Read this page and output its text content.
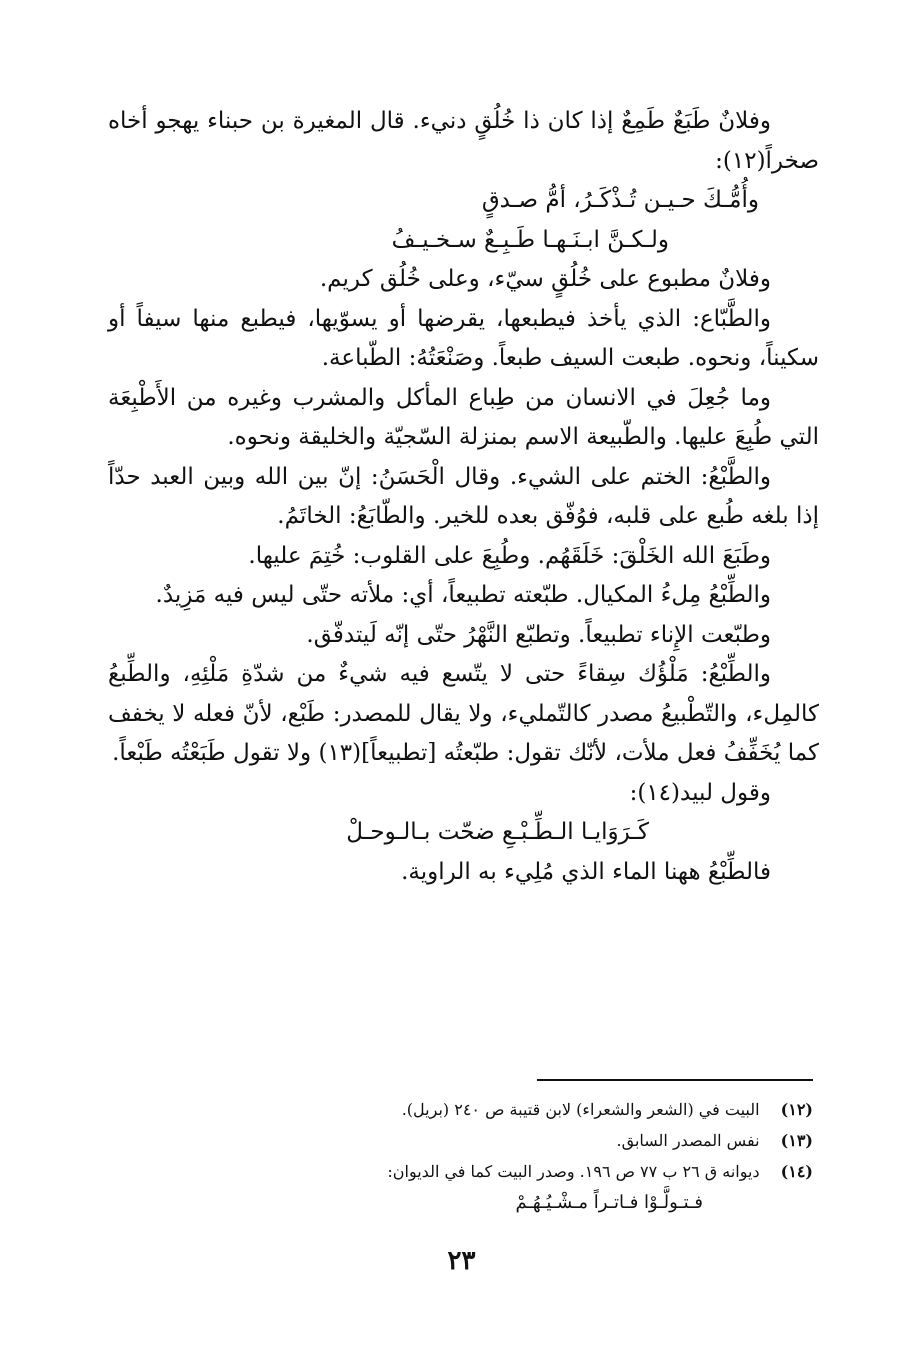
وفلانٌ طَبَعٌ طَمِعٌ إذا كان ذا خُلُقٍ دنيء. قال المغيرة بن حبناء يهجو أخاه صخراً(١٢):

وأُمُّـكَ حـيـن تُـذْكَـرُ، أمُّ صـدقٍ

ولـكـنَّ ابـنَـهـا طَـبِـعٌ سـخـيـفُ

وفلانٌ مطبوع على خُلُقٍ سيّء، وعلى خُلُق كريم.

والطَّبّاع: الذي يأخذ فيطبعها، يقرضها أو يسوّيها، فيطبع منها سيفاً أو سكيناً، ونحوه. طبعت السيف طبعاً. وصَنْعَتُهُ: الطّباعة.

وما جُعِلَ في الانسان من طِباع المأكل والمشرب وغيره من الأَطْبِعَة التي طُبِعَ عليها. والطّبيعة الاسم بمنزلة السّجيّة والخليقة ونحوه.

والطَّبْعُ: الختم على الشيء. وقال الْحَسَنُ: إنّ بين الله وبين العبد حدّاً إذا بلغه طُبع على قلبه، فوُفّق بعده للخير. والطّابَعُ: الخاتَمُ.

وطَبَعَ الله الخَلْقَ: خَلَقَهُم. وطُبِعَ على القلوب: خُتِمَ عليها.

والطِّبْعُ مِلءُ المكيال. طبّعته تطبيعاً، أي: ملأته حتّى ليس فيه مَزِيدٌ.

وطبّعت الإِناء تطبيعاً. وتطبّع النَّهْرُ حتّى إنّه لَيتدفّق.

والطِّبْعُ: مَلْؤُك سِقاءً حتى لا يتّسع فيه شيءٌ من شدّةِ مَلْئِهِ، والطِّبعُ كالمِلء، والتّطْبيعُ مصدر كالتّمليء، ولا يقال للمصدر: طَبْع، لأنّ فعله لا يخفف كما يُخَفِّفُ فعل ملأت، لأنّك تقول: طبّعتُه [تطبيعاً](١٣) ولا تقول طَبَعْتُه طَبْعاً.

وقول لبيد(١٤):

كَـرَوَايـا الـطِّـبْـعِ ضحّت بـالـوحـلْ

فالطِّبْعُ ههنا الماء الذي مُلِيء به الراوية.

(١٢) البيت في (الشعر والشعراء) لابن قتيبة ص ٢٤٠ (بريل).

(١٣) نفس المصدر السابق.

(١٤) ديوانه ق ٢٦ ب ٧٧ ص ١٩٦. وصدر البيت كما في الديوان:

فـتـولَّـوْا فـاتـراً مـشْـيُـهُـمْ

٢٣
